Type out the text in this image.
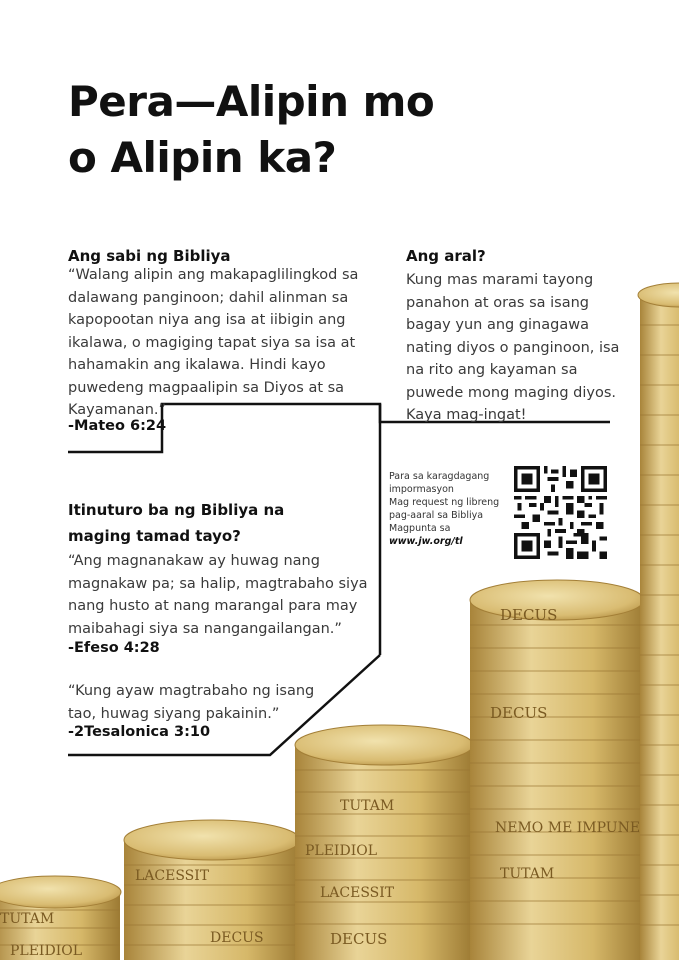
Pera—Alipin mo
o Alipin ka?
TUTAM
PLEIDIOL
LACESSIT
DECUS
TUTAM
PLEIDIOL
LACESSIT
DECUS
DECUS
DECUS
NEMO ME IMPUNE
TUTAM
Ang sabi ng Bibliya
“Walang alipin ang makapaglilingkod sa dalawang panginoon; dahil alinman sa kapopootan niya ang isa at iibigin ang ikalawa, o magiging tapat siya sa isa at hahamakin ang ikalawa. Hindi kayo puwedeng magpaalipin sa Diyos at sa Kayamanan.”
-Mateo 6:24
Ang aral?
Kung mas marami tayong panahon at oras sa isang bagay yun ang ginagawa nating diyos o panginoon, isa na rito ang kayaman sa puwede mong maging diyos. Kaya mag-ingat!
Itinuturo ba ng Bibliya na
maging tamad tayo?
“Ang magnanakaw ay huwag nang magnakaw pa; sa halip, magtrabaho siya nang husto at nang marangal para may maibahagi siya sa nangangailangan.”
-Efeso 4:28
“Kung ayaw magtrabaho ng isang tao, huwag siyang pakainin.”
-2Tesalonica 3:10
Para sa karagdagang
impormasyon
Mag request ng libreng
pag-aaral sa Bibliya
Magpunta sa
www.jw.org/tl
